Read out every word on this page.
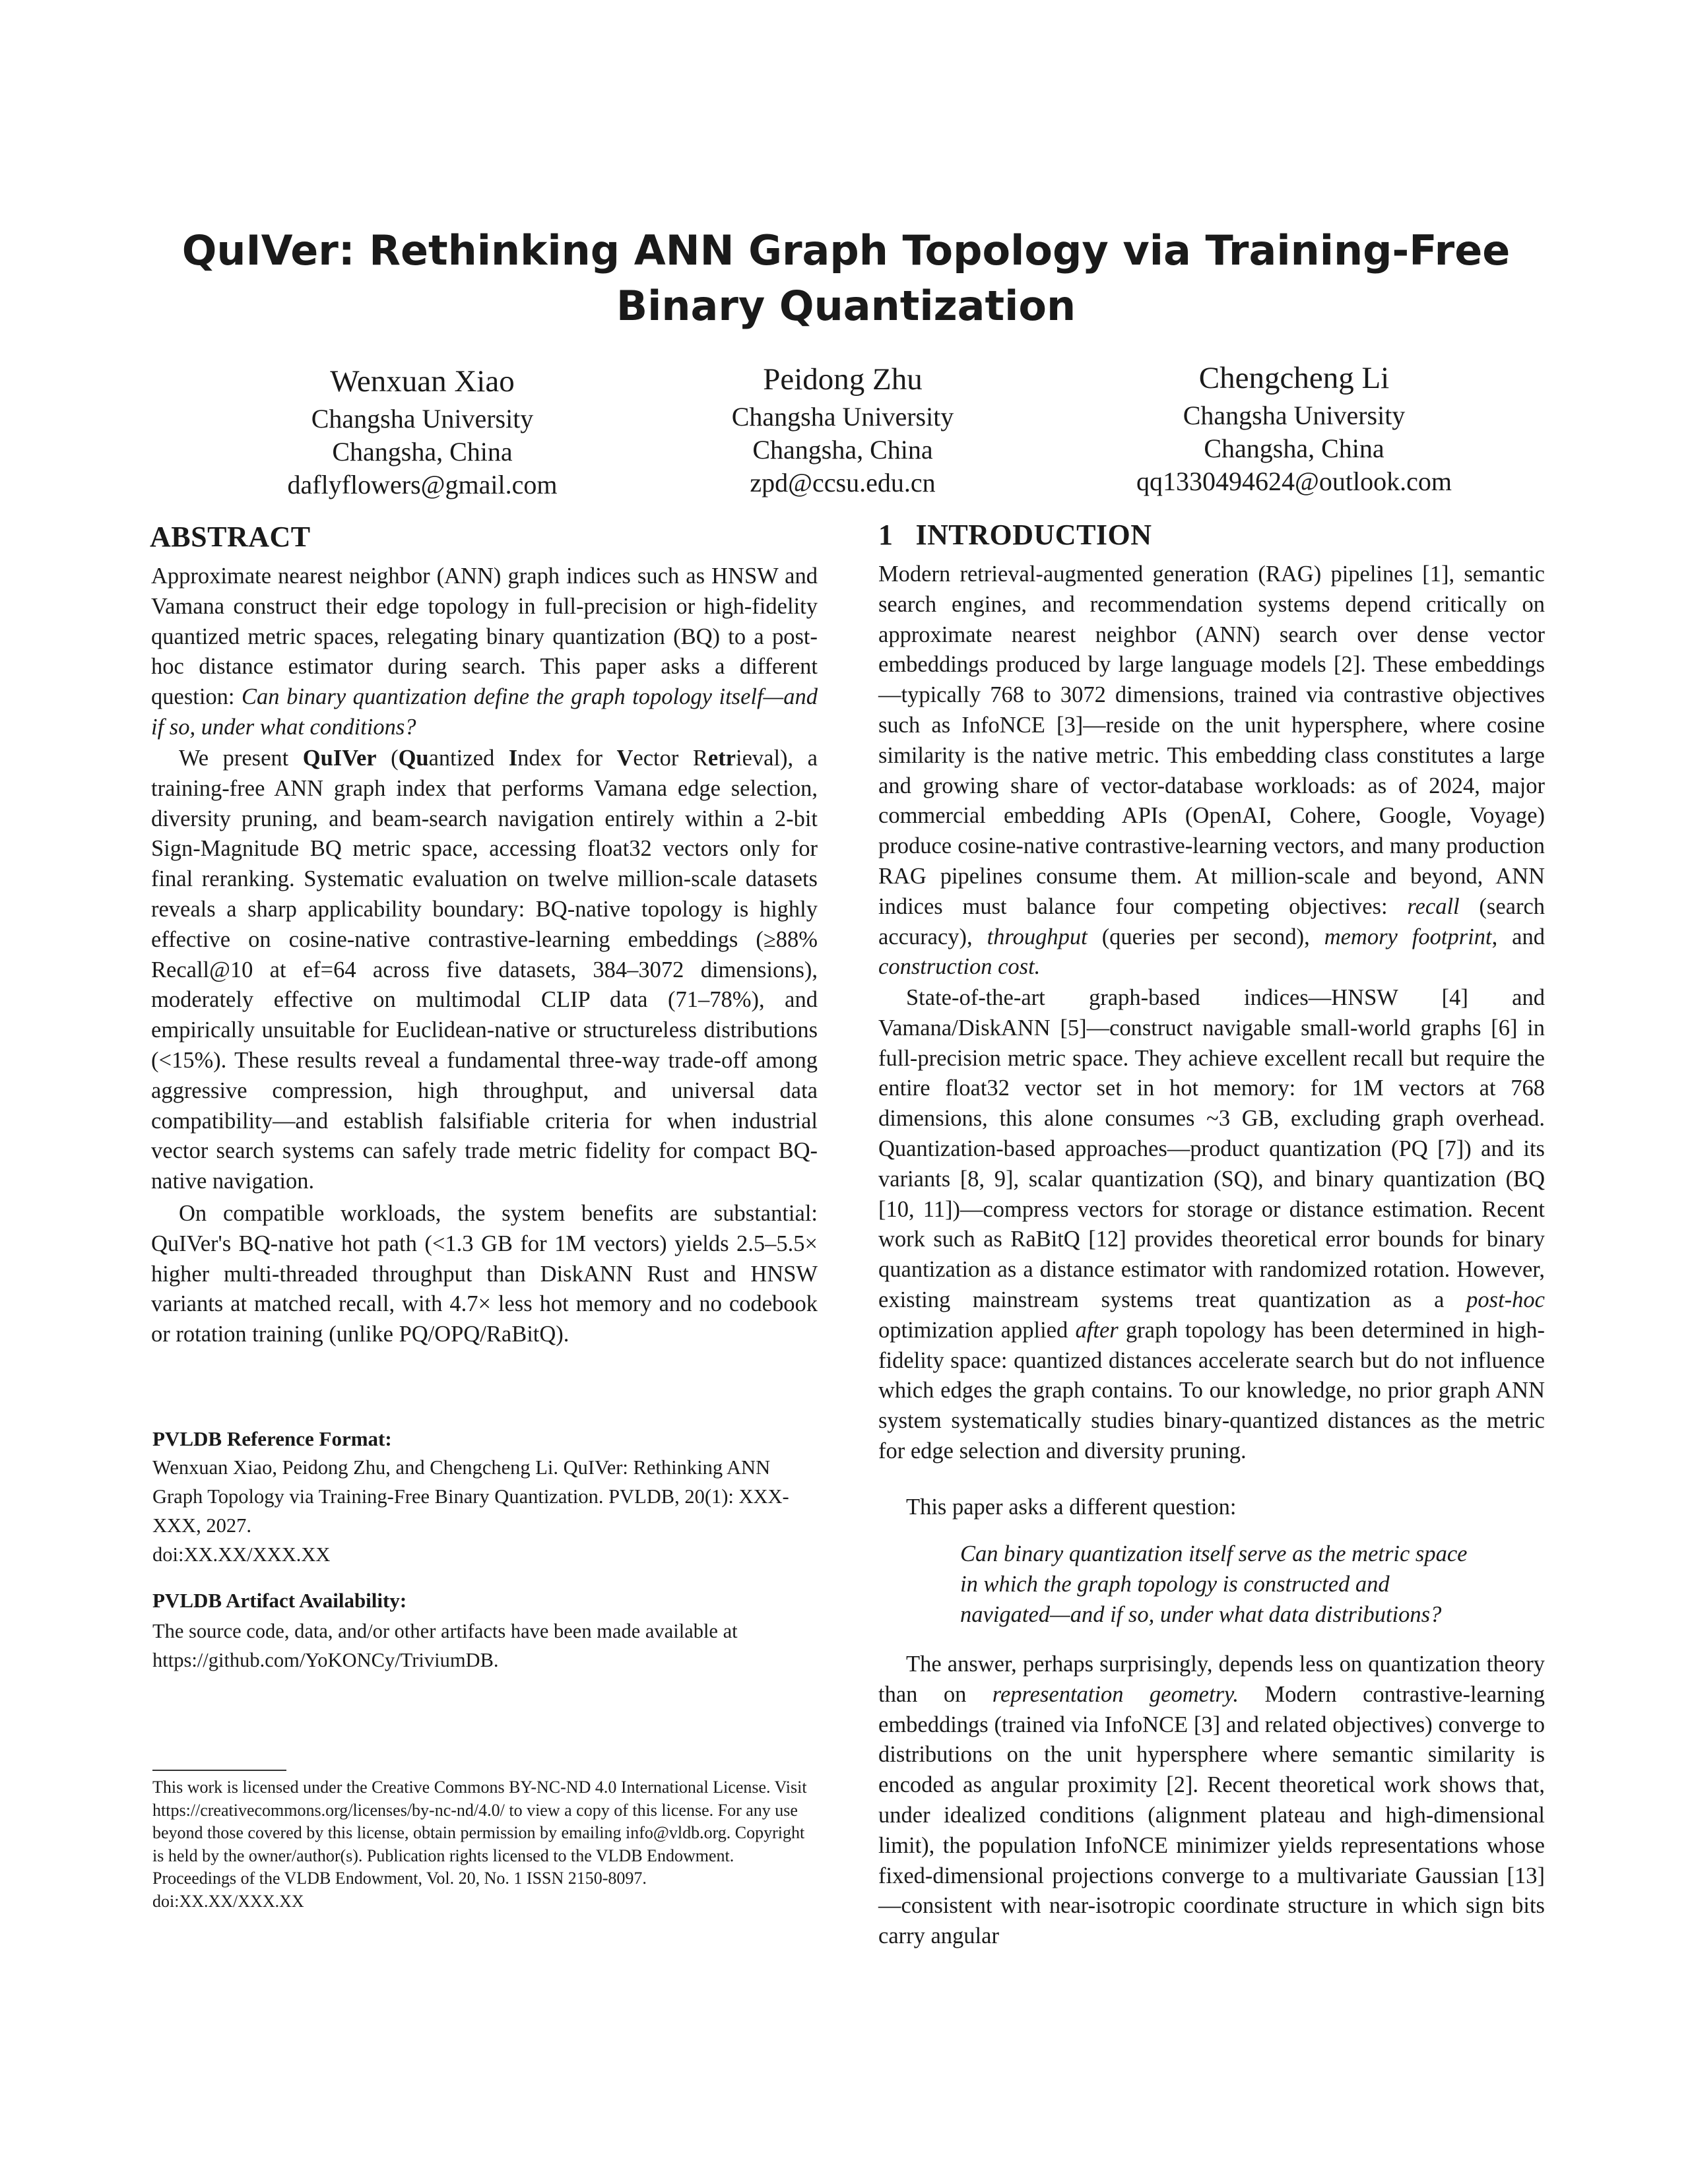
QuIVer: Rethinking ANN Graph Topology via Training-Free
Binary Quantization
Wenxuan Xiao
Changsha University
Changsha, China
daflyflowers@gmail.com
Peidong Zhu
Changsha University
Changsha, China
zpd@ccsu.edu.cn
Chengcheng Li
Changsha University
Changsha, China
qq1330494624@outlook.com
ABSTRACT
Approximate nearest neighbor (ANN) graph indices such as HNSW and Vamana construct their edge topology in full-precision or high-fidelity quantized metric spaces, relegating binary quantization (BQ) to a post-hoc distance estimator during search. This paper asks a different question: Can binary quantization define the graph topology itself—and if so, under what conditions?
We present QuIVer (Quantized Index for Vector Retrieval), a training-free ANN graph index that performs Vamana edge selection, diversity pruning, and beam-search navigation entirely within a 2-bit Sign-Magnitude BQ metric space, accessing float32 vectors only for final reranking. Systematic evaluation on twelve million-scale datasets reveals a sharp applicability boundary: BQ-native topology is highly effective on cosine-native contrastive-learning embeddings (≥88% Recall@10 at ef=64 across five datasets, 384–3072 dimensions), moderately effective on multimodal CLIP data (71–78%), and empirically unsuitable for Euclidean-native or structureless distributions (<15%). These results reveal a fundamental three-way trade-off among aggressive compression, high throughput, and universal data compatibility—and establish falsifiable criteria for when industrial vector search systems can safely trade metric fidelity for compact BQ-native navigation.
On compatible workloads, the system benefits are substantial: QuIVer's BQ-native hot path (<1.3 GB for 1M vectors) yields 2.5–5.5× higher multi-threaded throughput than DiskANN Rust and HNSW variants at matched recall, with 4.7× less hot memory and no codebook or rotation training (unlike PQ/OPQ/RaBitQ).
PVLDB Reference Format:
Wenxuan Xiao, Peidong Zhu, and Chengcheng Li. QuIVer: Rethinking ANN Graph Topology via Training-Free Binary Quantization. PVLDB, 20(1): XXX-XXX, 2027.
doi:XX.XX/XXX.XX
PVLDB Artifact Availability:
The source code, data, and/or other artifacts have been made available at https://github.com/YoKONCy/TriviumDB.
This work is licensed under the Creative Commons BY-NC-ND 4.0 International License. Visit https://creativecommons.org/licenses/by-nc-nd/4.0/ to view a copy of this license. For any use beyond those covered by this license, obtain permission by emailing info@vldb.org. Copyright is held by the owner/author(s). Publication rights licensed to the VLDB Endowment.
Proceedings of the VLDB Endowment, Vol. 20, No. 1 ISSN 2150-8097.
doi:XX.XX/XXX.XX
1 INTRODUCTION
Modern retrieval-augmented generation (RAG) pipelines [1], semantic search engines, and recommendation systems depend critically on approximate nearest neighbor (ANN) search over dense vector embeddings produced by large language models [2]. These embeddings—typically 768 to 3072 dimensions, trained via contrastive objectives such as InfoNCE [3]—reside on the unit hypersphere, where cosine similarity is the native metric. This embedding class constitutes a large and growing share of vector-database workloads: as of 2024, major commercial embedding APIs (OpenAI, Cohere, Google, Voyage) produce cosine-native contrastive-learning vectors, and many production RAG pipelines consume them. At million-scale and beyond, ANN indices must balance four competing objectives: recall (search accuracy), throughput (queries per second), memory footprint, and construction cost.
State-of-the-art graph-based indices—HNSW [4] and Vamana/DiskANN [5]—construct navigable small-world graphs [6] in full-precision metric space. They achieve excellent recall but require the entire float32 vector set in hot memory: for 1M vectors at 768 dimensions, this alone consumes ~3 GB, excluding graph overhead. Quantization-based approaches—product quantization (PQ [7]) and its variants [8, 9], scalar quantization (SQ), and binary quantization (BQ [10, 11])—compress vectors for storage or distance estimation. Recent work such as RaBitQ [12] provides theoretical error bounds for binary quantization as a distance estimator with randomized rotation. However, existing mainstream systems treat quantization as a post-hoc optimization applied after graph topology has been determined in high-fidelity space: quantized distances accelerate search but do not influence which edges the graph contains. To our knowledge, no prior graph ANN system systematically studies binary-quantized distances as the metric for edge selection and diversity pruning.
This paper asks a different question:
Can binary quantization itself serve as the metric space in which the graph topology is constructed and navigated—and if so, under what data distributions?
The answer, perhaps surprisingly, depends less on quantization theory than on representation geometry. Modern contrastive-learning embeddings (trained via InfoNCE [3] and related objectives) converge to distributions on the unit hypersphere where semantic similarity is encoded as angular proximity [2]. Recent theoretical work shows that, under idealized conditions (alignment plateau and high-dimensional limit), the population InfoNCE minimizer yields representations whose fixed-dimensional projections converge to a multivariate Gaussian [13]—consistent with near-isotropic coordinate structure in which sign bits carry angular
